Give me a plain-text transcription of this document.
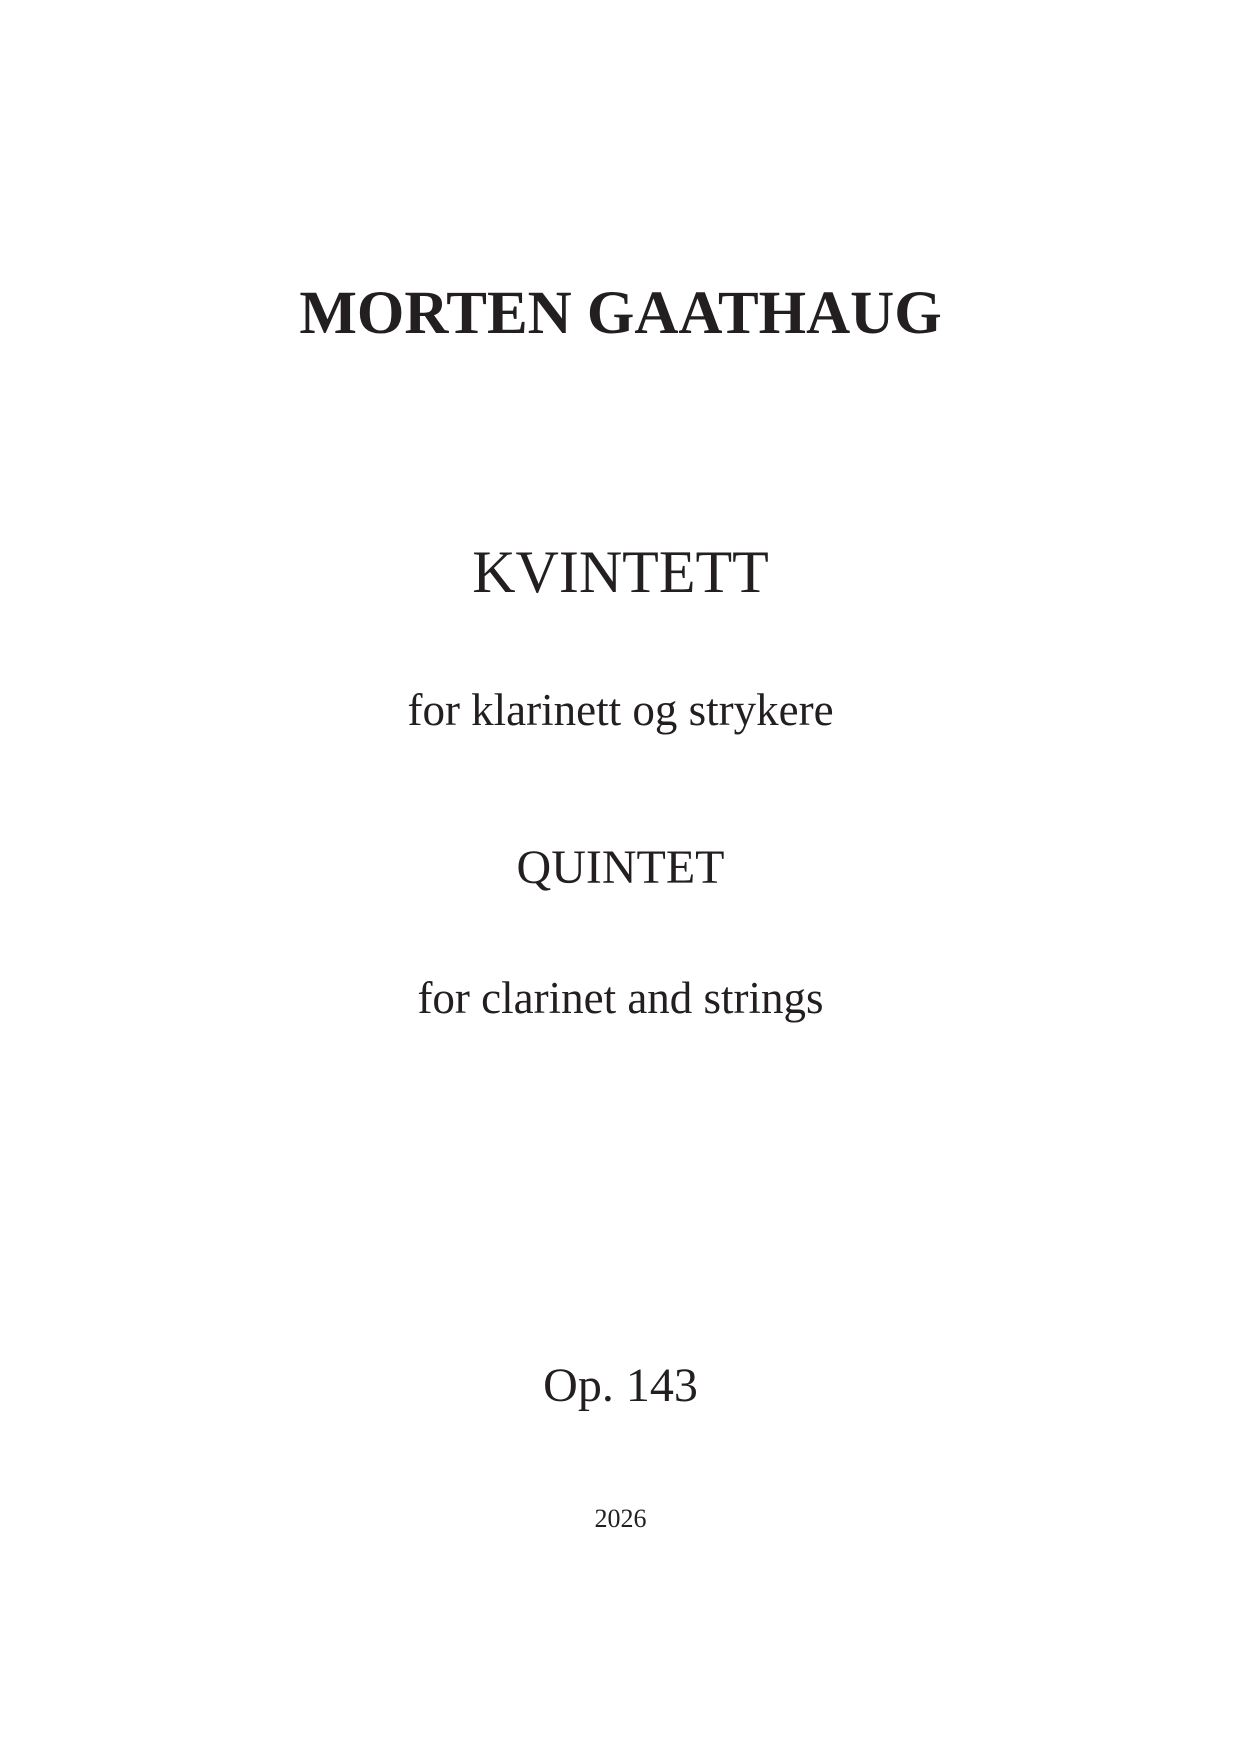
MORTEN GAATHAUG
KVINTETT
for klarinett og strykere
QUINTET
for clarinet and strings
Op. 143
2026
